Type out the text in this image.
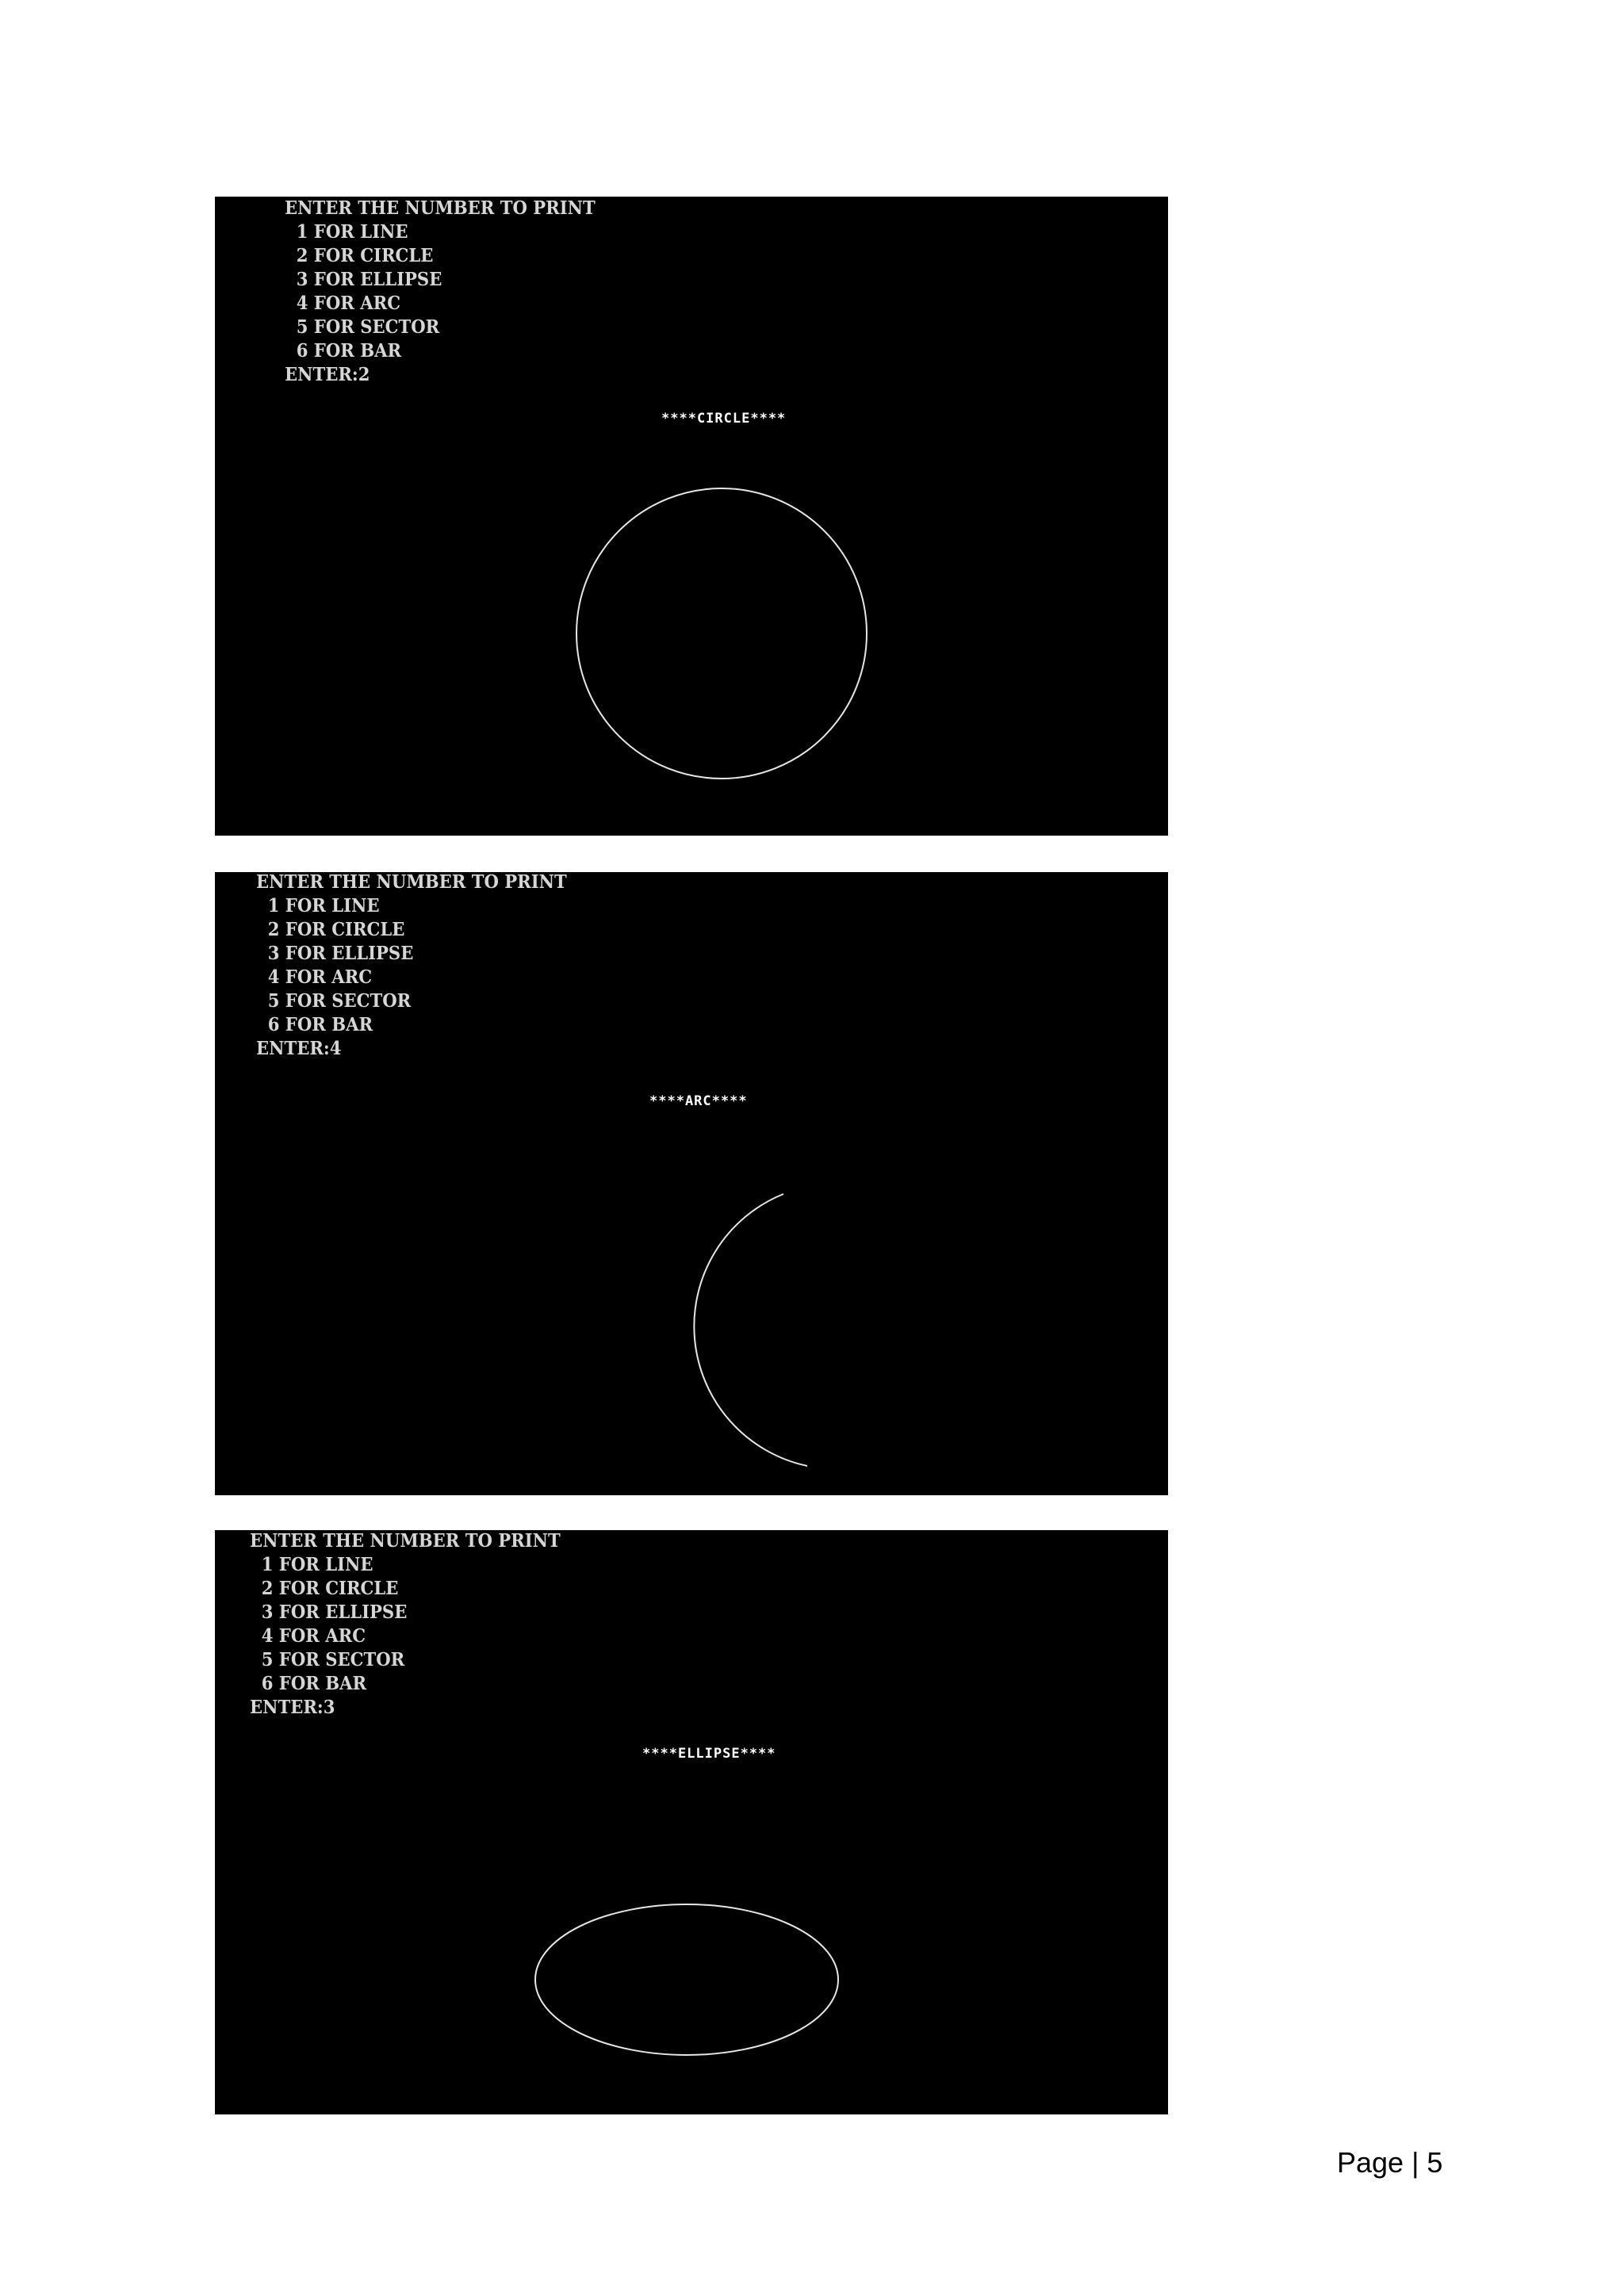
ENTER THE NUMBER TO PRINT
1 FOR LINE
2 FOR CIRCLE
3 FOR ELLIPSE
4 FOR ARC
5 FOR SECTOR
6 FOR BAR
ENTER:2
****CIRCLE****
ENTER THE NUMBER TO PRINT
1 FOR LINE
2 FOR CIRCLE
3 FOR ELLIPSE
4 FOR ARC
5 FOR SECTOR
6 FOR BAR
ENTER:4
****ARC****
ENTER THE NUMBER TO PRINT
1 FOR LINE
2 FOR CIRCLE
3 FOR ELLIPSE
4 FOR ARC
5 FOR SECTOR
6 FOR BAR
ENTER:3
****ELLIPSE****
Page | 5
